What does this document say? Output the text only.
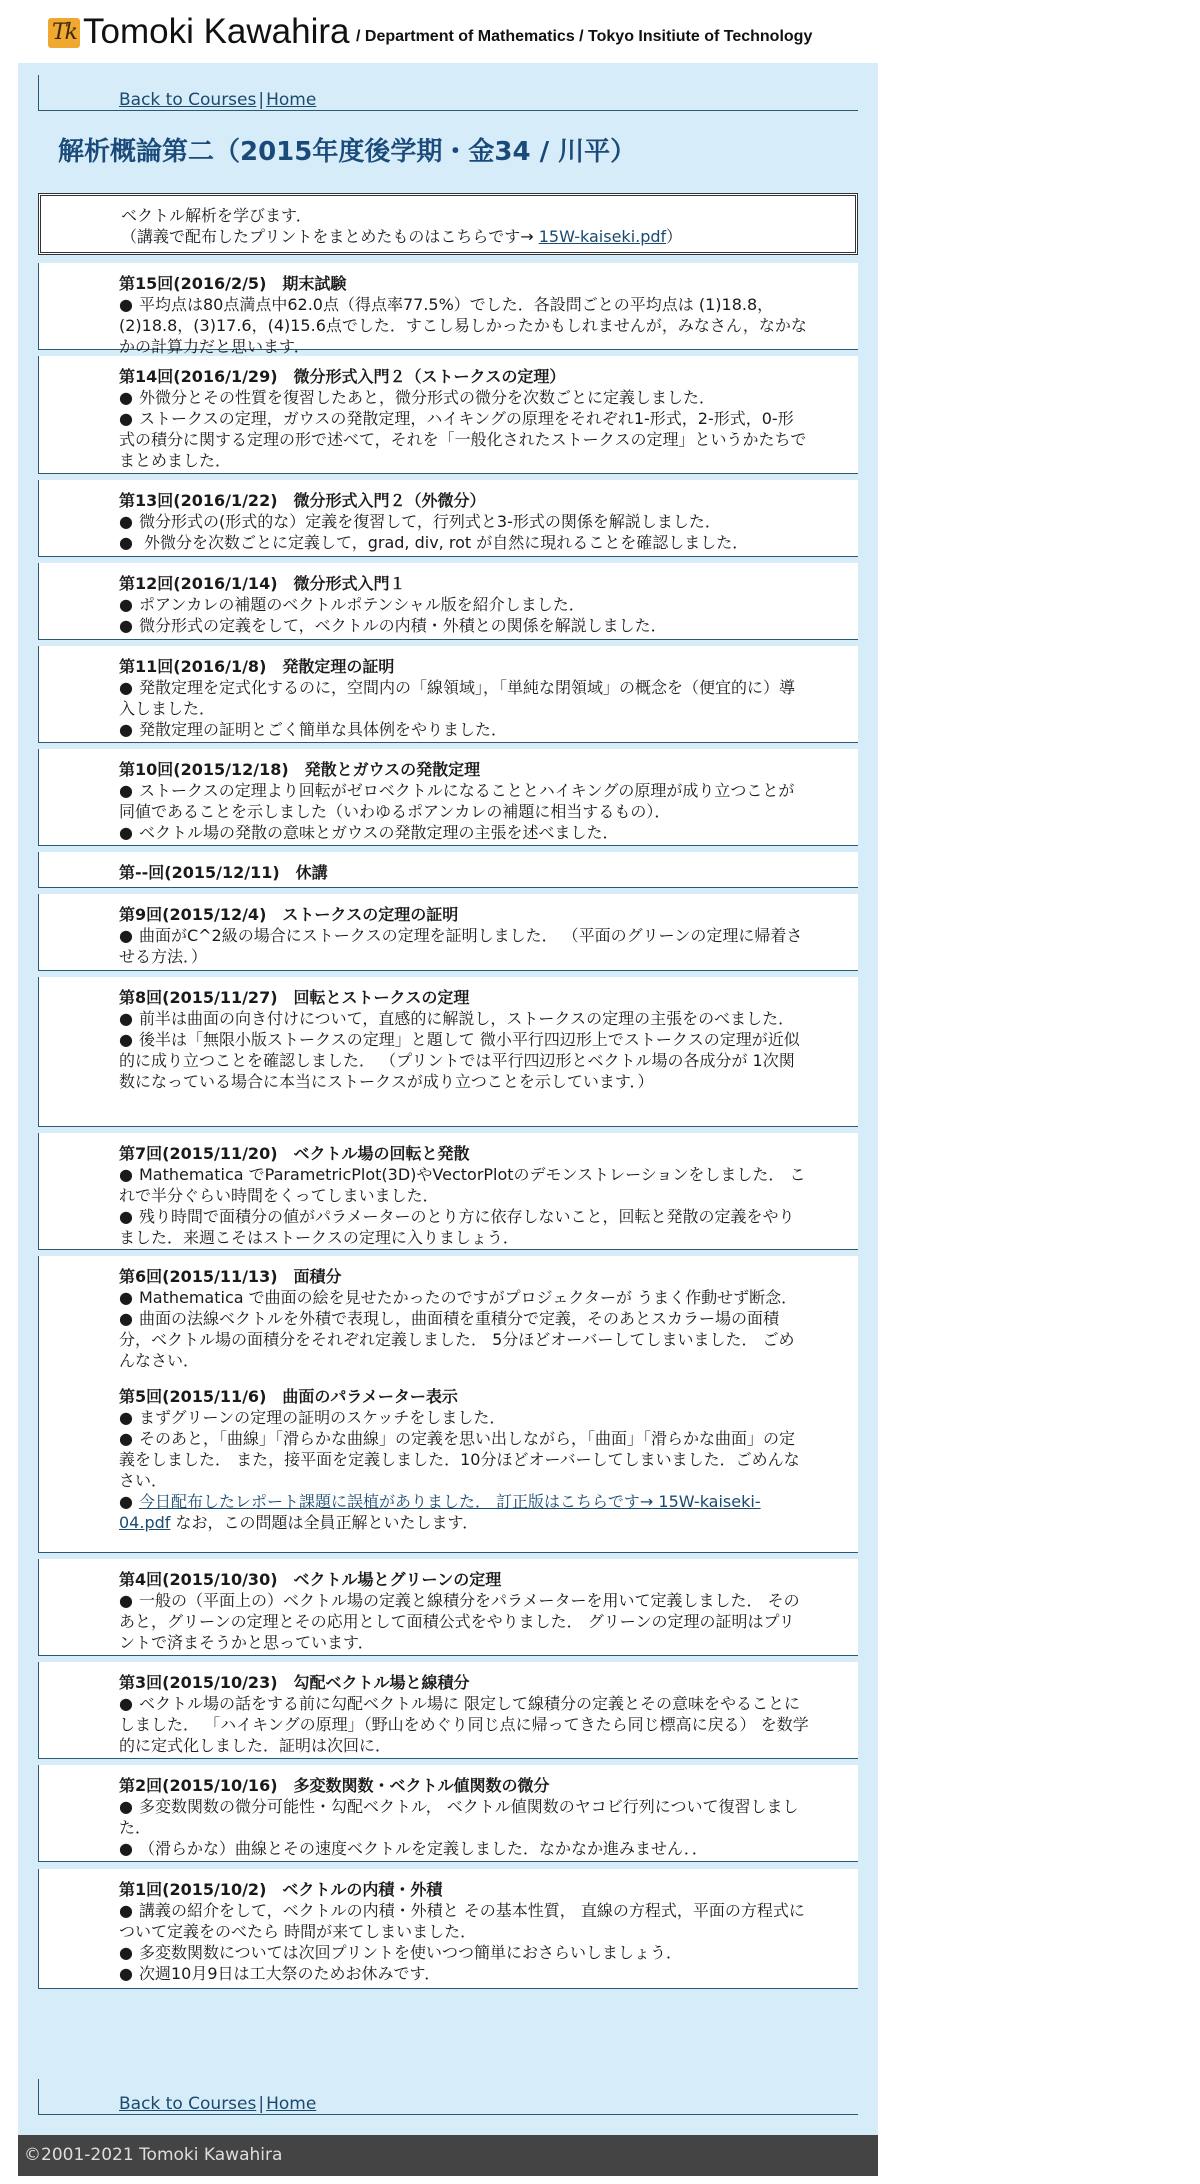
Tk Tomoki Kawahira / Department of Mathematics / Tokyo Insitiute of Technology
Back to Courses | Home
解析概論第二（2015年度後学期・金34 / 川平）
ベクトル解析を学びます．
（講義で配布したプリントをまとめたものはこちらです→ 15W-kaiseki.pdf）
第15回(2016/2/5)　期末試験
● 平均点は80点満点中62.0点（得点率77.5%）でした．各設問ごとの平均点は (1)18.8，(2)18.8，(3)17.6，(4)15.6点でした．すこし易しかったかもしれませんが，みなさん，なかなかの計算力だと思います．
第14回(2016/1/29)　微分形式入門２（ストークスの定理）
● 外微分とその性質を復習したあと，微分形式の微分を次数ごとに定義しました．
● ストークスの定理，ガウスの発散定理，ハイキングの原理をそれぞれ1-形式，2-形式，0-形式の積分に関する定理の形で述べて，それを「一般化されたストークスの定理」というかたちでまとめました．
第13回(2016/1/22)　微分形式入門２（外微分）
● 微分形式の(形式的な）定義を復習して，行列式と3-形式の関係を解説しました．
● 外微分を次数ごとに定義して，grad, div, rot が自然に現れることを確認しました．
第12回(2016/1/14)　微分形式入門１
● ポアンカレの補題のベクトルポテンシャル版を紹介しました．
● 微分形式の定義をして，ベクトルの内積・外積との関係を解説しました．
第11回(2016/1/8)　発散定理の証明
● 発散定理を定式化するのに，空間内の「線領域」，「単純な閉領域」の概念を（便宜的に）導入しました．
● 発散定理の証明とごく簡単な具体例をやりました．
第10回(2015/12/18)　発散とガウスの発散定理
● ストークスの定理より回転がゼロベクトルになることとハイキングの原理が成り立つことが同値であることを示しました（いわゆるポアンカレの補題に相当するもの）．
● ベクトル場の発散の意味とガウスの発散定理の主張を述べました．
第--回(2015/12/11)　休講
第9回(2015/12/4)　ストークスの定理の証明
● 曲面がC^2級の場合にストークスの定理を証明しました． （平面のグリーンの定理に帰着させる方法．）
第8回(2015/11/27)　回転とストークスの定理
● 前半は曲面の向き付けについて，直感的に解説し，ストークスの定理の主張をのべました．
● 後半は「無限小版ストークスの定理」と題して 微小平行四辺形上でストークスの定理が近似的に成り立つことを確認しました． （プリントでは平行四辺形とベクトル場の各成分が 1次関数になっている場合に本当にストークスが成り立つことを示しています．）
第7回(2015/11/20)　ベクトル場の回転と発散
● Mathematica でParametricPlot(3D)やVectorPlotのデモンストレーションをしました． これで半分ぐらい時間をくってしまいました．
● 残り時間で面積分の値がパラメーターのとり方に依存しないこと，回転と発散の定義をやりました．来週こそはストークスの定理に入りましょう．
第6回(2015/11/13)　面積分
● Mathematica で曲面の絵を見せたかったのですがプロジェクターが うまく作動せず断念．
● 曲面の法線ベクトルを外積で表現し，曲面積を重積分で定義，そのあとスカラー場の面積分，ベクトル場の面積分をそれぞれ定義しました． 5分ほどオーバーしてしまいました． ごめんなさい．
第5回(2015/11/6)　曲面のパラメーター表示
● まずグリーンの定理の証明のスケッチをしました．
● そのあと，「曲線」「滑らかな曲線」の定義を思い出しながら，「曲面」「滑らかな曲面」の定義をしました． また，接平面を定義しました．10分ほどオーバーしてしまいました．ごめんなさい．
● 今日配布したレポート課題に誤植がありました． 訂正版はこちらです→ 15W-kaiseki-04.pdf なお，この問題は全員正解といたします．
第4回(2015/10/30)　ベクトル場とグリーンの定理
● 一般の（平面上の）ベクトル場の定義と線積分をパラメーターを用いて定義しました． そのあと，グリーンの定理とその応用として面積公式をやりました． グリーンの定理の証明はプリントで済まそうかと思っています．
第3回(2015/10/23)　勾配ベクトル場と線積分
● ベクトル場の話をする前に勾配ベクトル場に 限定して線積分の定義とその意味をやることにしました． 「ハイキングの原理」（野山をめぐり同じ点に帰ってきたら同じ標高に戻る） を数学的に定式化しました．証明は次回に．
第2回(2015/10/16)　多変数関数・ベクトル値関数の微分
● 多変数関数の微分可能性・勾配ベクトル， ベクトル値関数のヤコビ行列について復習しました．
● （滑らかな）曲線とその速度ベクトルを定義しました．なかなか進みません．．
第1回(2015/10/2)　ベクトルの内積・外積
● 講義の紹介をして，ベクトルの内積・外積と その基本性質， 直線の方程式，平面の方程式について定義をのべたら 時間が来てしまいました．
● 多変数関数については次回プリントを使いつつ簡単におさらいしましょう．
● 次週10月9日は工大祭のためお休みです．
Back to Courses | Home
©2001-2021 Tomoki Kawahira
